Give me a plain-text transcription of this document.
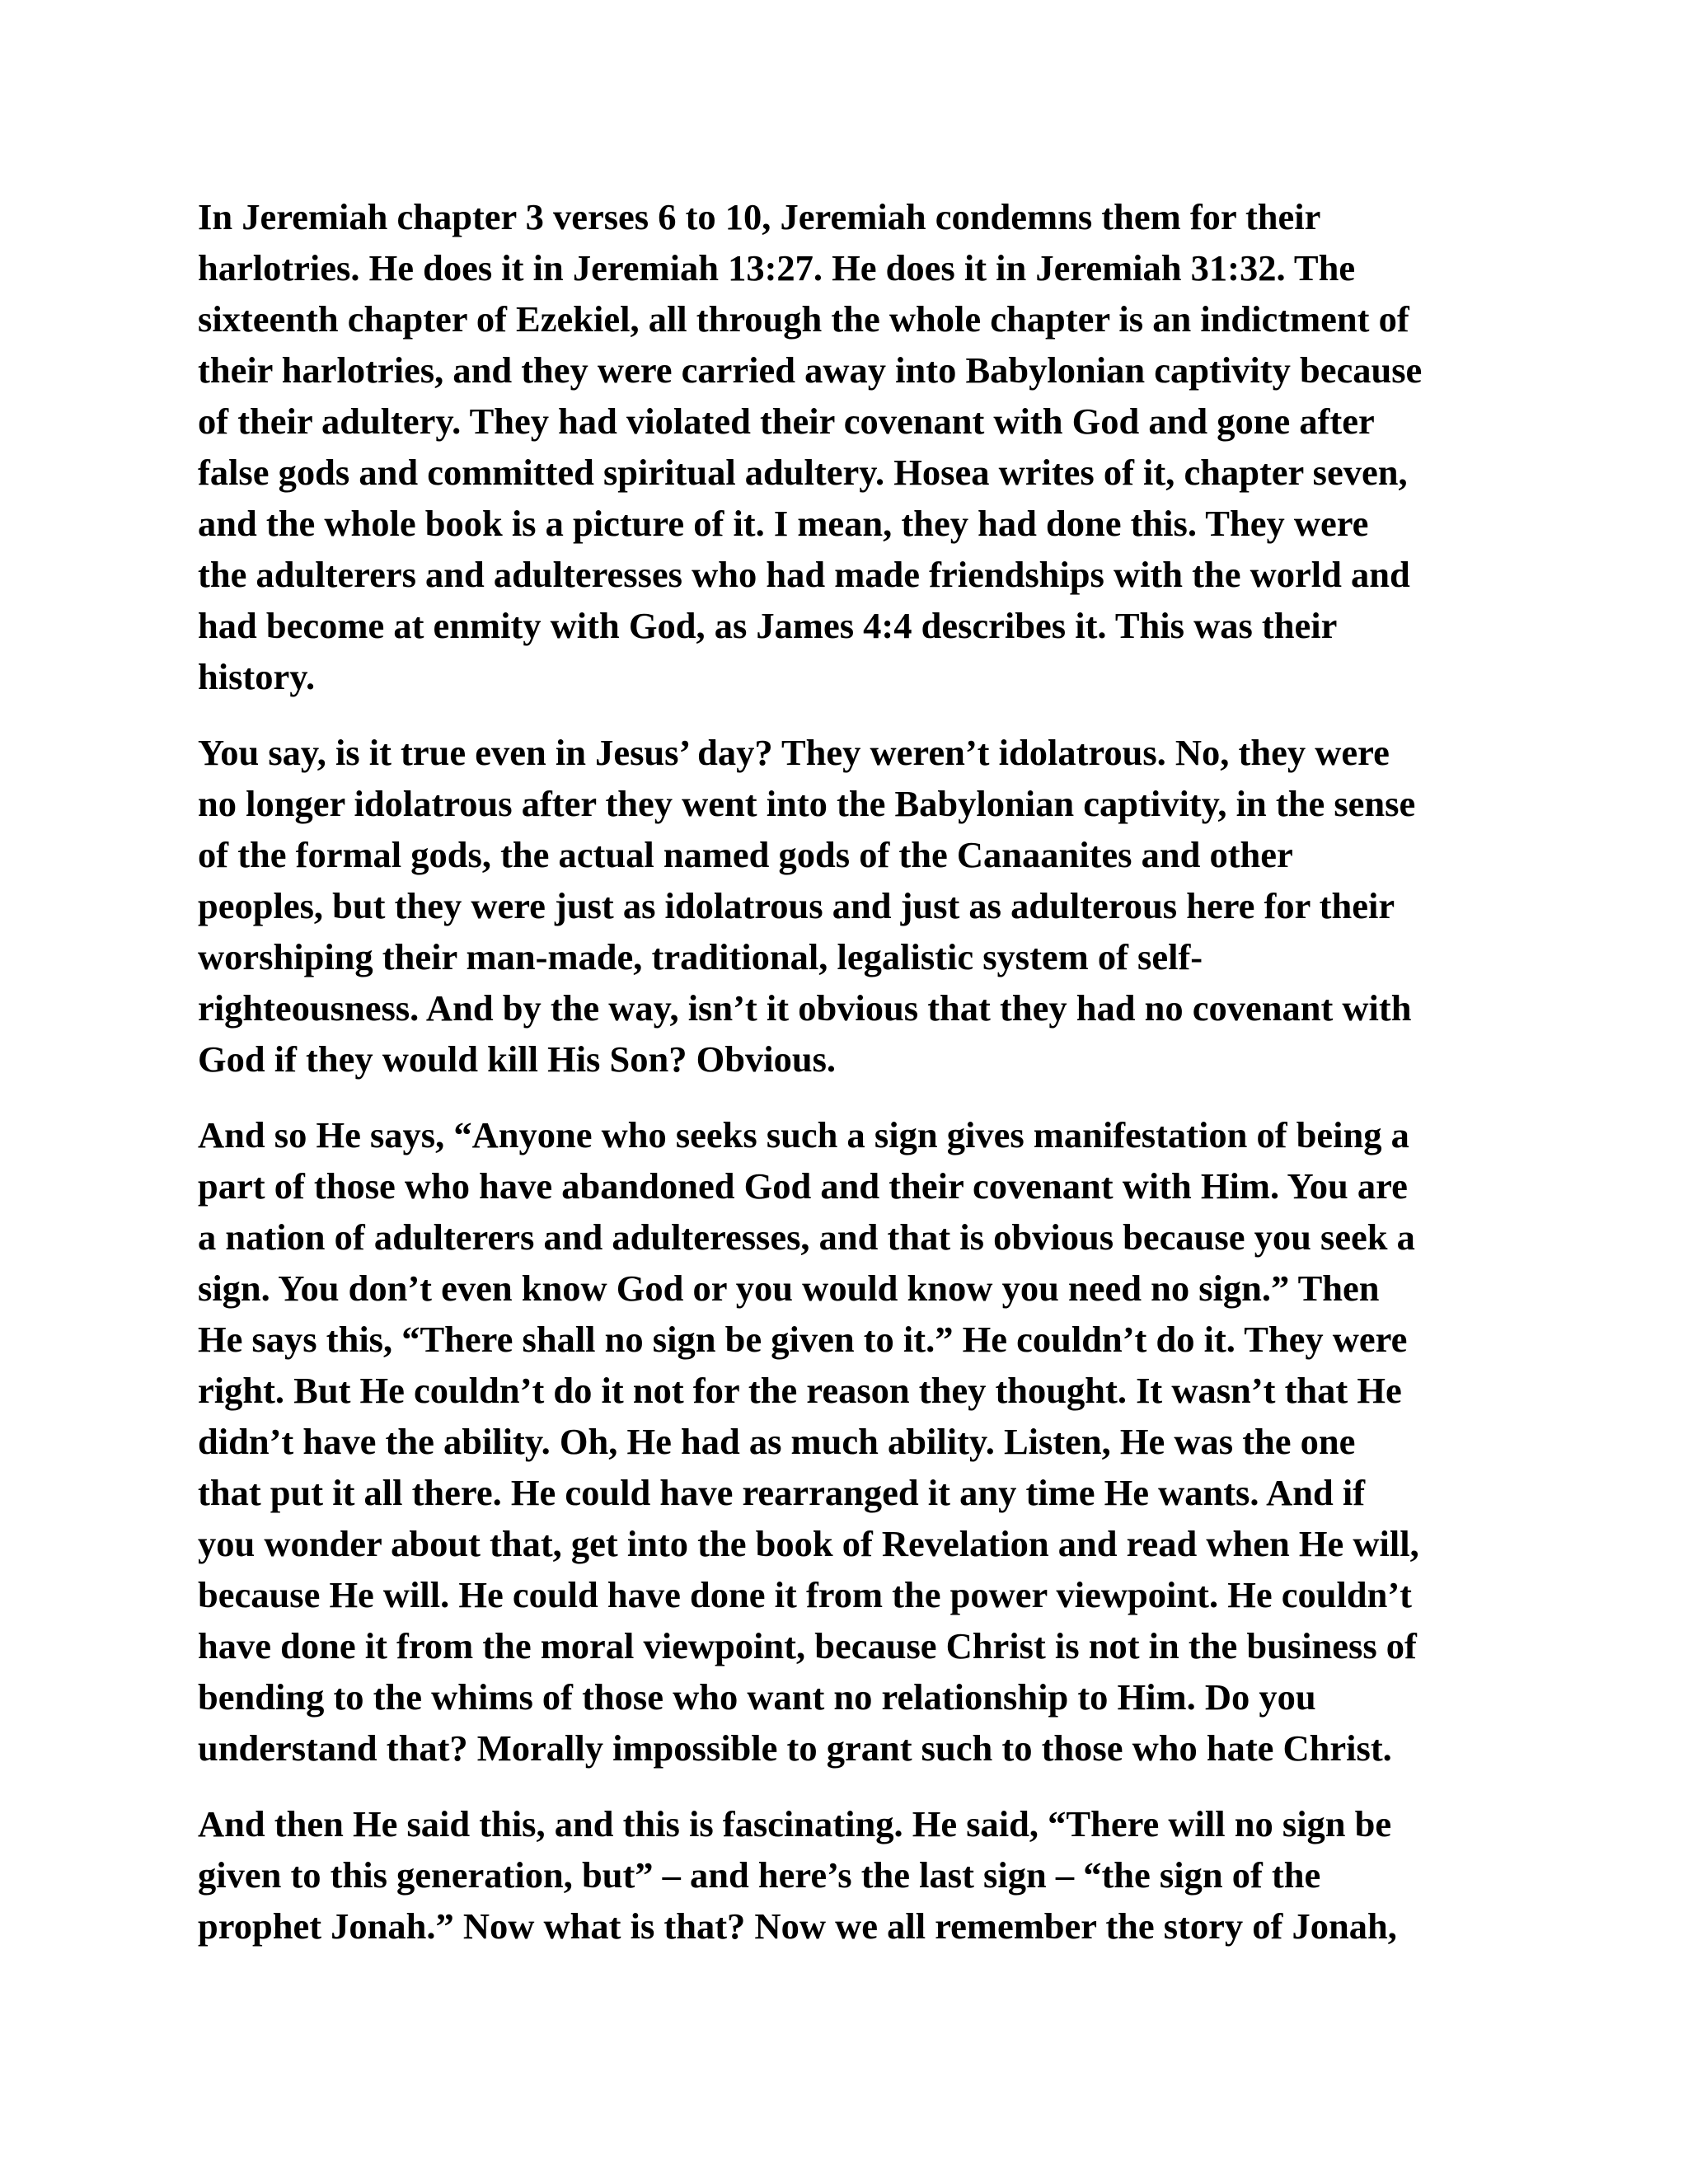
In Jeremiah chapter 3 verses 6 to 10, Jeremiah condemns them for their
harlotries. He does it in Jeremiah 13:27. He does it in Jeremiah 31:32. The
sixteenth chapter of Ezekiel, all through the whole chapter is an indictment of
their harlotries, and they were carried away into Babylonian captivity because
of their adultery. They had violated their covenant with God and gone after
false gods and committed spiritual adultery. Hosea writes of it, chapter seven,
and the whole book is a picture of it. I mean, they had done this. They were
the adulterers and adulteresses who had made friendships with the world and
had become at enmity with God, as James 4:4 describes it. This was their
history.

You say, is it true even in Jesus’ day? They weren’t idolatrous. No, they were
no longer idolatrous after they went into the Babylonian captivity, in the sense
of the formal gods, the actual named gods of the Canaanites and other
peoples, but they were just as idolatrous and just as adulterous here for their
worshiping their man-made, traditional, legalistic system of self-
righteousness. And by the way, isn’t it obvious that they had no covenant with
God if they would kill His Son? Obvious.

And so He says, “Anyone who seeks such a sign gives manifestation of being a
part of those who have abandoned God and their covenant with Him. You are
a nation of adulterers and adulteresses, and that is obvious because you seek a
sign. You don’t even know God or you would know you need no sign.” Then
He says this, “There shall no sign be given to it.” He couldn’t do it. They were
right. But He couldn’t do it not for the reason they thought. It wasn’t that He
didn’t have the ability. Oh, He had as much ability. Listen, He was the one
that put it all there. He could have rearranged it any time He wants. And if
you wonder about that, get into the book of Revelation and read when He will,
because He will. He could have done it from the power viewpoint. He couldn’t
have done it from the moral viewpoint, because Christ is not in the business of
bending to the whims of those who want no relationship to Him. Do you
understand that? Morally impossible to grant such to those who hate Christ.

And then He said this, and this is fascinating. He said, “There will no sign be
given to this generation, but” – and here’s the last sign – “the sign of the
prophet Jonah.” Now what is that? Now we all remember the story of Jonah,
